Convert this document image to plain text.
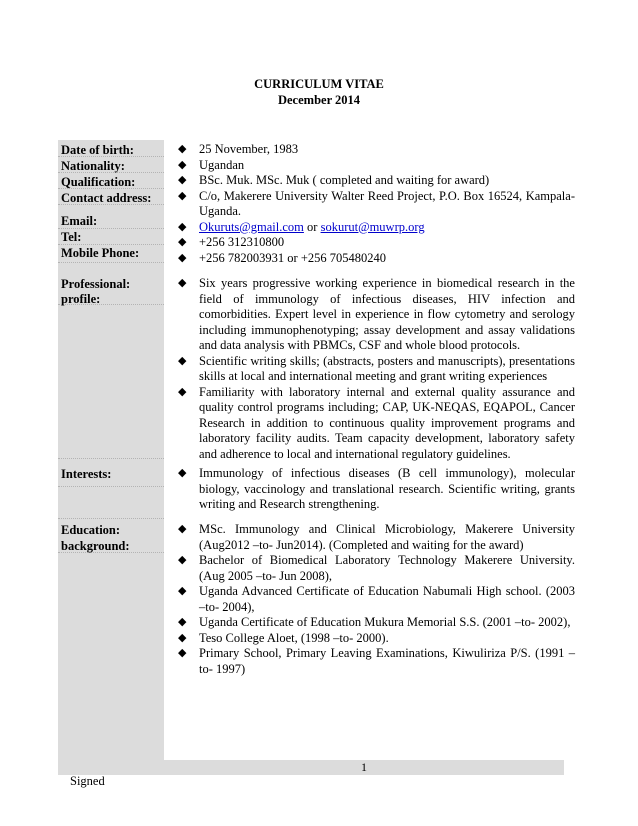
CURRICULUM VITAE
December 2014
Date of birth:
Nationality:
Qualification:
Contact address:
Email:
Tel:
Mobile Phone:
◆ 25 November, 1983
◆ Ugandan
◆ BSc. Muk. MSc. Muk ( completed and waiting for award)
◆ C/o, Makerere University Walter Reed Project, P.O. Box 16524, Kampala-Uganda.
◆ Okuruts@gmail.com or sokurut@muwrp.org
◆ +256 312310800
◆ +256 782003931 or +256 705480240
Professional:
profile:
◆ Six years progressive working experience in biomedical research in the field of immunology of infectious diseases, HIV infection and comorbidities. Expert level in experience in flow cytometry and serology including immunophenotyping; assay development and assay validations and data analysis with PBMCs, CSF and whole blood protocols.
◆ Scientific writing skills; (abstracts, posters and manuscripts), presentations skills at local and international meeting and grant writing experiences
◆ Familiarity with laboratory internal and external quality assurance and quality control programs including; CAP, UK-NEQAS, EQAPOL, Cancer Research in addition to continuous quality improvement programs and laboratory facility audits. Team capacity development, laboratory safety and adherence to local and international regulatory guidelines.
Interests:	◆ Immunology of infectious diseases (B cell immunology), molecular biology, vaccinology and translational research. Scientific writing, grants writing and Research strengthening.
Education:
background:
◆ MSc. Immunology and Clinical Microbiology, Makerere University (Aug2012 –to- Jun2014). (Completed and waiting for the award)
◆ Bachelor of Biomedical Laboratory Technology Makerere University. (Aug 2005 –to- Jun 2008),
◆ Uganda Advanced Certificate of Education Nabumali High school. (2003 –to- 2004),
◆ Uganda Certificate of Education Mukura Memorial S.S. (2001 –to- 2002),
◆ Teso College Aloet, (1998 –to- 2000).
◆ Primary School, Primary Leaving Examinations, Kiwuliriza P/S. (1991 – to- 1997)
1
Signed
